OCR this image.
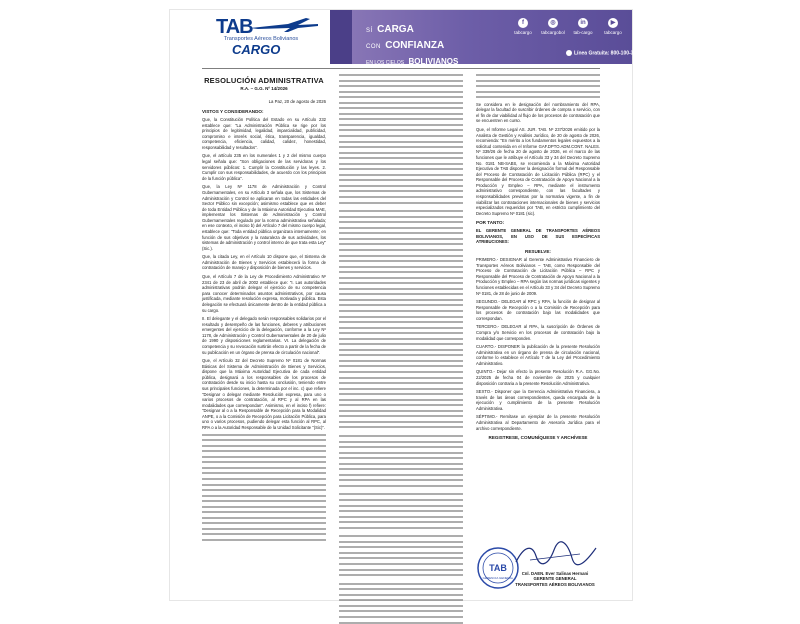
TAB
Transportes Aéreos Bolivianos
CARGO
SÍ CARGA
CON CONFIANZA
EN LOS CIELOS BOLIVIANOS
f
tabcargo
◎
tabcargobol
in
tab-cargo
▶
tabcargo
Línea Gratuita: 800-100-333
RESOLUCIÓN ADMINISTRATIVA
R.A. – G.G. Nº 14/2026
La Paz, 20 de agosto de 2026
VISTOS Y CONSIDERANDO:

Que, la Constitución Política del Estado en su Artículo 232 establece que: "La Administración Pública se rige por los principios de legitimidad, legalidad, imparcialidad, publicidad, compromiso e interés social, ética, transparencia, igualdad, competencia, eficiencia, calidad, calidez, honestidad, responsabilidad y resultados".

Que, el artículo 235 en los numerales 1 y 2 del mismo cuerpo legal señala que: "Son obligaciones de las servidoras y los servidores públicos: 1. Cumplir la Constitución y las leyes. 2. Cumplir con sus responsabilidades, de acuerdo con los principios de la función pública".

Que, la Ley Nº 1178 de Administración y Control Gubernamentales, en su Artículo 3 señala que, los Sistemas de Administración y Control se aplicaran en todas las entidades del Sector Público sin excepción; asimismo establece que es deber de toda Entidad Pública y de la Máxima Autoridad Ejecutiva MAE, implementar los Sistemas de Administración y Control Gubernamentales regulado por la norma administrativa señalada; en ese contexto, el inciso b) del Artículo 7 del mismo cuerpo legal, establece que: "Toda entidad pública organizara internamente; en función de sus objetivos y la naturaleza de sus actividades, los sistemas de administración y control interno de que trata esta Ley" (Sic.).

Que, la citada Ley, en el Artículo 10 dispone que, el Sistema de Administración de Bienes y Servicios establecerá la forma de contratación de manejo y disposición de bienes y servicios.

Que, el Artículo 7 de la Ley de Procedimiento Administrativo Nº 2341 de 23 de abril de 2002 establece que: "I. Las autoridades administrativas podrán delegar el ejercicio de su competencia para conocer determinados asuntos administrativos, por causa justificada, mediante resolución expresa, motivada y pública. Esta delegación se efectuará únicamente dentro de la entidad pública a su cargo.

II. El delegante y el delegado serán responsables solidarios por el resultado y desempeño de las funciones, deberes y atribuciones emergentes del ejercicio de la delegación, conforme a la Ley Nº 1178, de Administración y Control Gubernamentales de 20 de julio de 1990 y disposiciones reglamentarias. VI. La delegación de competencia y su revocación surtirán efecto a partir de la fecha de su publicación en un órgano de prensa de circulación nacional".

Que, el Artículo 32 del Decreto Supremo Nº 0181 de Normas Básicas del Sistema de Administración de Bienes y Servicios, dispone que la Máxima Autoridad Ejecutiva de cada entidad pública, designará a los responsables de los procesos de contratación desde su inicio hasta su conclusión, teniendo entre sus principales funciones, la determinada por el inc. c) que refiere "Designar o delegar mediante Resolución expresa, para uno o varios procesos de contratación, al RPC y al RPA en las modalidades que correspondan". Asimismo, en el inciso f) refiere: "Designar al o a la Responsable de Recepción para la Modalidad ANPE, o a la Comisión de Recepción para Licitación Pública, para uno o varios procesos, pudiendo delegar esta función al RPC, al RPA o a la Autoridad Responsable de la Unidad Solicitante "(Sic)".

Se considera en le designación del nombramiento del RPA, delegar la facultad de suscribir órdenes de compra o servicio, con el fin de dar viabilidad al flujo de los procesos de contratación que se encuentren en curso.

Que, el Informe Legal AS. JUR. TAB. Nº 237/2026 emitido por la Analista de Gestión y Análisis Jurídico, de 20 de agosto de 2026, recomienda: "En mérito a los fundamentos legales expuestos a la solicitud contenida en el Informe GAF.DPTO.ADM.CONT. NALES. Nº 339/26 de fecha 20 de agosto de 2026, en el marco de las funciones que le atribuye el Artículo 33 y 34 del Decreto Supremo No. 0181 NB-SABS, se recomienda a la Máxima Autoridad Ejecutiva de TAB disponer la designación formal del Responsable del Proceso de Contratación de Licitación Pública (RPC) y el Responsable del Proceso de Contratación de Apoyo Nacional a la Producción y Empleo – RPA, mediante el instrumento administrativo correspondiente, con las facultades y responsabilidades previstas por la normativa vigente, a fin de viabilizar las contrataciones internacionales de bienes y servicios especializados requeridos por TAB, en estricto cumplimiento del Decreto Supremo Nº 0181 (sic).

POR TANTO:

EL GERENTE GENERAL DE TRANSPORTES AÉREOS BOLIVIANOS, EN USO DE SUS ESPECÍFICAS ATRIBUCIONES:

RESUELVE:

PRIMERO.- DESIGNAR al Gerente Administrativo Financiero de Transportes Aéreos Bolivianos – TAB, como Responsable del Proceso de Contratación de Licitación Pública – RPC y Responsable del Proceso de Contratación de Apoyo Nacional a la Producción y Empleo – RPA según las normas jurídicas vigentes y funciones establecidas en el Artículo 33 y 34 del Decreto Supremo Nº 0181, de 28 de junio de 2009.

SEGUNDO.- DELEGAR al RPC y RPA, la función de designar al Responsable de Recepción o a la Comisión de Recepción para los procesos de contratación bajo las modalidades que correspondan.

TERCERO.- DELEGAR al RPA, la suscripción de Órdenes de Compra y/o Servicio en los procesos de contratación bajo la modalidad que corresponden.

CUARTO.- DISPONER la publicación de la presente Resolución Administrativa en un órgano de prensa de circulación nacional, conforme lo establece el Artículo 7 de la Ley del Procedimiento Administrativo.

QUINTO.- Dejar sin efecto la presente Resolución R.A. GG.No. 22/2025 de fecha 04 de noviembre de 2025 y cualquier disposición contraria a la presente Resolución Administrativa.

SEXTO.- Disponer que la Gerencia Administrativa Financiera, a través de las áreas correspondientes, queda encargada de la ejecución y cumplimiento de la presente Resolución Administrativa.

SÉPTIMO.- Remítase un ejemplar de la presente Resolución Administrativa al Departamento de Asesoría Jurídica para el archivo correspondiente.

REGISTRESE, COMUNÍQUESE Y ARCHÍVESE
TAB
GERENCIA GENERAL
Cnl. DAEN. Ever Salinas Hernani
GERENTE GENERAL
TRANSPORTES AÉREOS BOLIVIANOS
